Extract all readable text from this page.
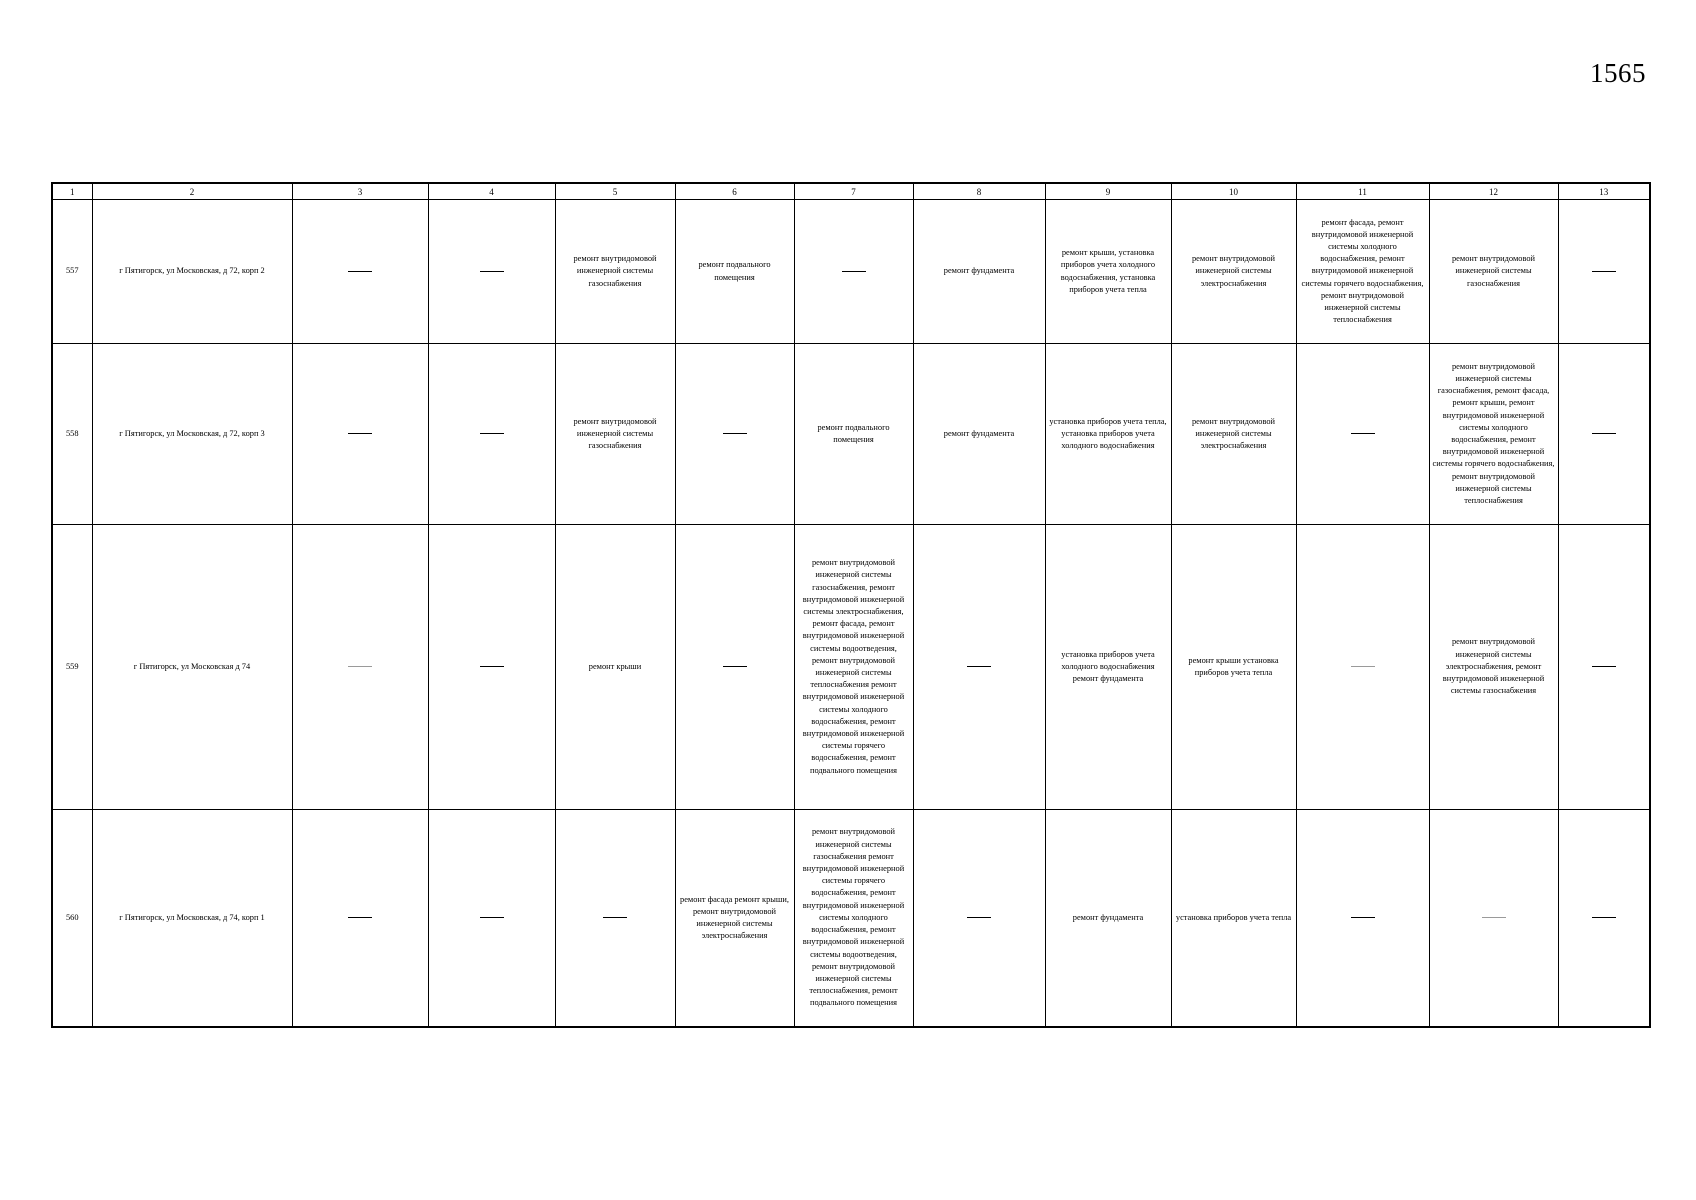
1565
1	2	3	4	5	6	7	8	9	10	11	12	13
557	г Пятигорск, ул Московская, д 72, корп 2			ремонт внутридомовой инженерной системы газоснабжения	ремонт подвального помещения		ремонт фундамента	ремонт крыши, установка приборов учета холодного водоснабжения, установка приборов учета тепла	ремонт внутридомовой инженерной системы электроснабжения	ремонт фасада, ремонт внутридомовой инженерной системы холодного водоснабжения, ремонт внутридомовой инженерной системы горячего водоснабжения, ремонт внутридомовой инженерной системы теплоснабжения	ремонт внутридомовой инженерной системы газоснабжения	
558	г Пятигорск, ул Московская, д 72, корп 3			ремонт внутридомовой инженерной системы газоснабжения		ремонт подвального помещения	ремонт фундамента	установка приборов учета тепла, установка приборов учета холодного водоснабжения	ремонт внутридомовой инженерной системы электроснабжения		ремонт внутридомовой инженерной системы газоснабжения, ремонт фасада, ремонт крыши, ремонт внутридомовой инженерной системы холодного водоснабжения, ремонт внутридомовой инженерной системы горячего водоснабжения, ремонт внутридомовой инженерной системы теплоснабжения	
559	г Пятигорск, ул Московская д 74			ремонт крыши		ремонт внутридомовой инженерной системы газоснабжения, ремонт внутридомовой инженерной системы электроснабжения, ремонт фасада, ремонт внутридомовой инженерной системы водоотведения, ремонт внутридомовой инженерной системы теплоснабжения ремонт внутридомовой инженерной системы холодного водоснабжения, ремонт внутридомовой инженерной системы горячего водоснабжения, ремонт подвального помещения		установка приборов учета холодного водоснабжения ремонт фундамента	ремонт крыши установка приборов учета тепла		ремонт внутридомовой инженерной системы электроснабжения, ремонт внутридомовой инженерной системы газоснабжения	
560	г Пятигорск, ул Московская, д 74, корп 1				ремонт фасада ремонт крыши, ремонт внутридомовой инженерной системы электроснабжения	ремонт внутридомовой инженерной системы газоснабжения ремонт внутридомовой инженерной системы горячего водоснабжения, ремонт внутридомовой инженерной системы холодного водоснабжения, ремонт внутридомовой инженерной системы водоотведения, ремонт внутридомовой инженерной системы теплоснабжения, ремонт подвального помещения		ремонт фундамента	установка приборов учета тепла			
